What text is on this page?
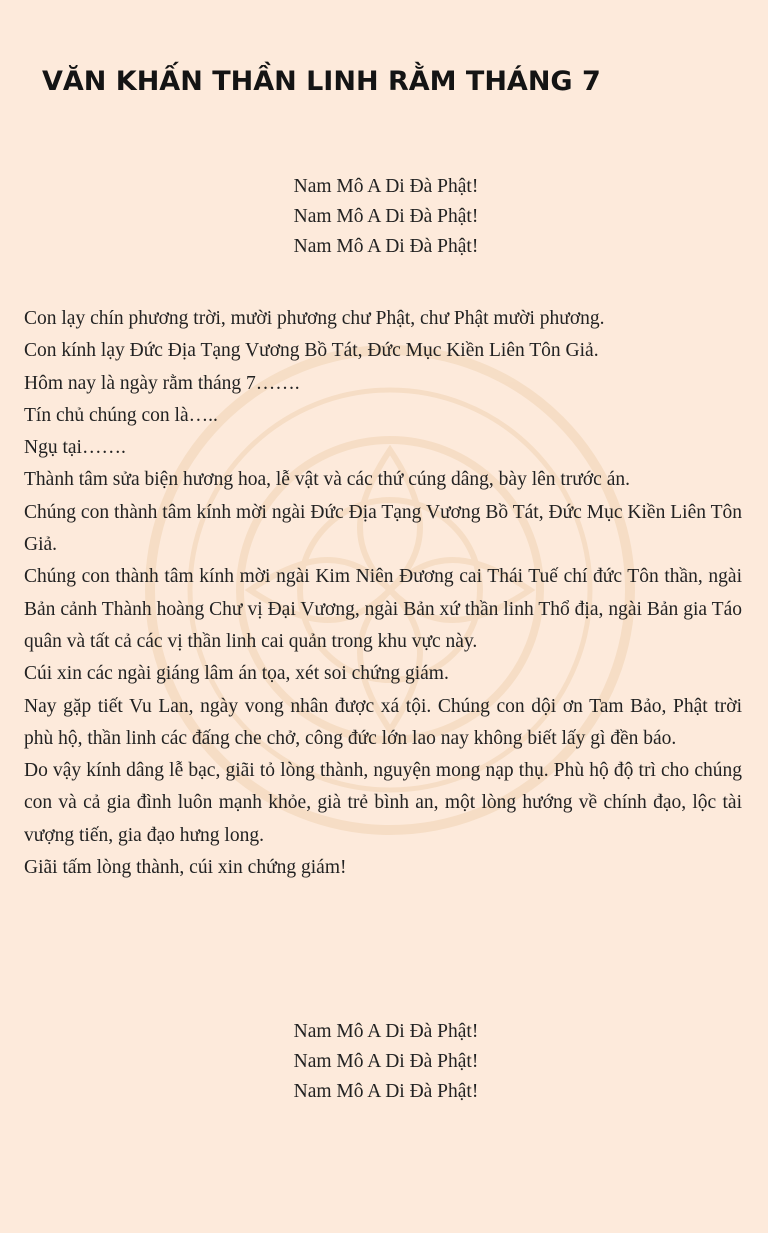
VĂN KHẤN THẦN LINH RẰM THÁNG 7
Nam Mô A Di Đà Phật!
Nam Mô A Di Đà Phật!
Nam Mô A Di Đà Phật!

Con lạy chín phương trời, mười phương chư Phật, chư Phật mười phương.

Con kính lạy Đức Địa Tạng Vương Bồ Tát, Đức Mục Kiền Liên Tôn Giả.

Hôm nay là ngày rằm tháng 7…….

Tín chủ chúng con là…..

Ngụ tại…….

Thành tâm sửa biện hương hoa, lễ vật và các thứ cúng dâng, bày lên trước án.

Chúng con thành tâm kính mời ngài Đức Địa Tạng Vương Bồ Tát, Đức Mục Kiền Liên Tôn Giả.

Chúng con thành tâm kính mời ngài Kim Niên Đương cai Thái Tuế chí đức Tôn thần, ngài Bản cảnh Thành hoàng Chư vị Đại Vương, ngài Bản xứ thần linh Thổ địa, ngài Bản gia Táo quân và tất cả các vị thần linh cai quản trong khu vực này.

Cúi xin các ngài giáng lâm án tọa, xét soi chứng giám.

Nay gặp tiết Vu Lan, ngày vong nhân được xá tội. Chúng con dội ơn Tam Bảo, Phật trời phù hộ, thần linh các đấng che chở, công đức lớn lao nay không biết lấy gì đền báo.

Do vậy kính dâng lễ bạc, giãi tỏ lòng thành, nguyện mong nạp thụ. Phù hộ độ trì cho chúng con và cả gia đình luôn mạnh khỏe, già trẻ bình an, một lòng hướng về chính đạo, lộc tài vượng tiến, gia đạo hưng long.

Giãi tấm lòng thành, cúi xin chứng giám!

Nam Mô A Di Đà Phật!
Nam Mô A Di Đà Phật!
Nam Mô A Di Đà Phật!
